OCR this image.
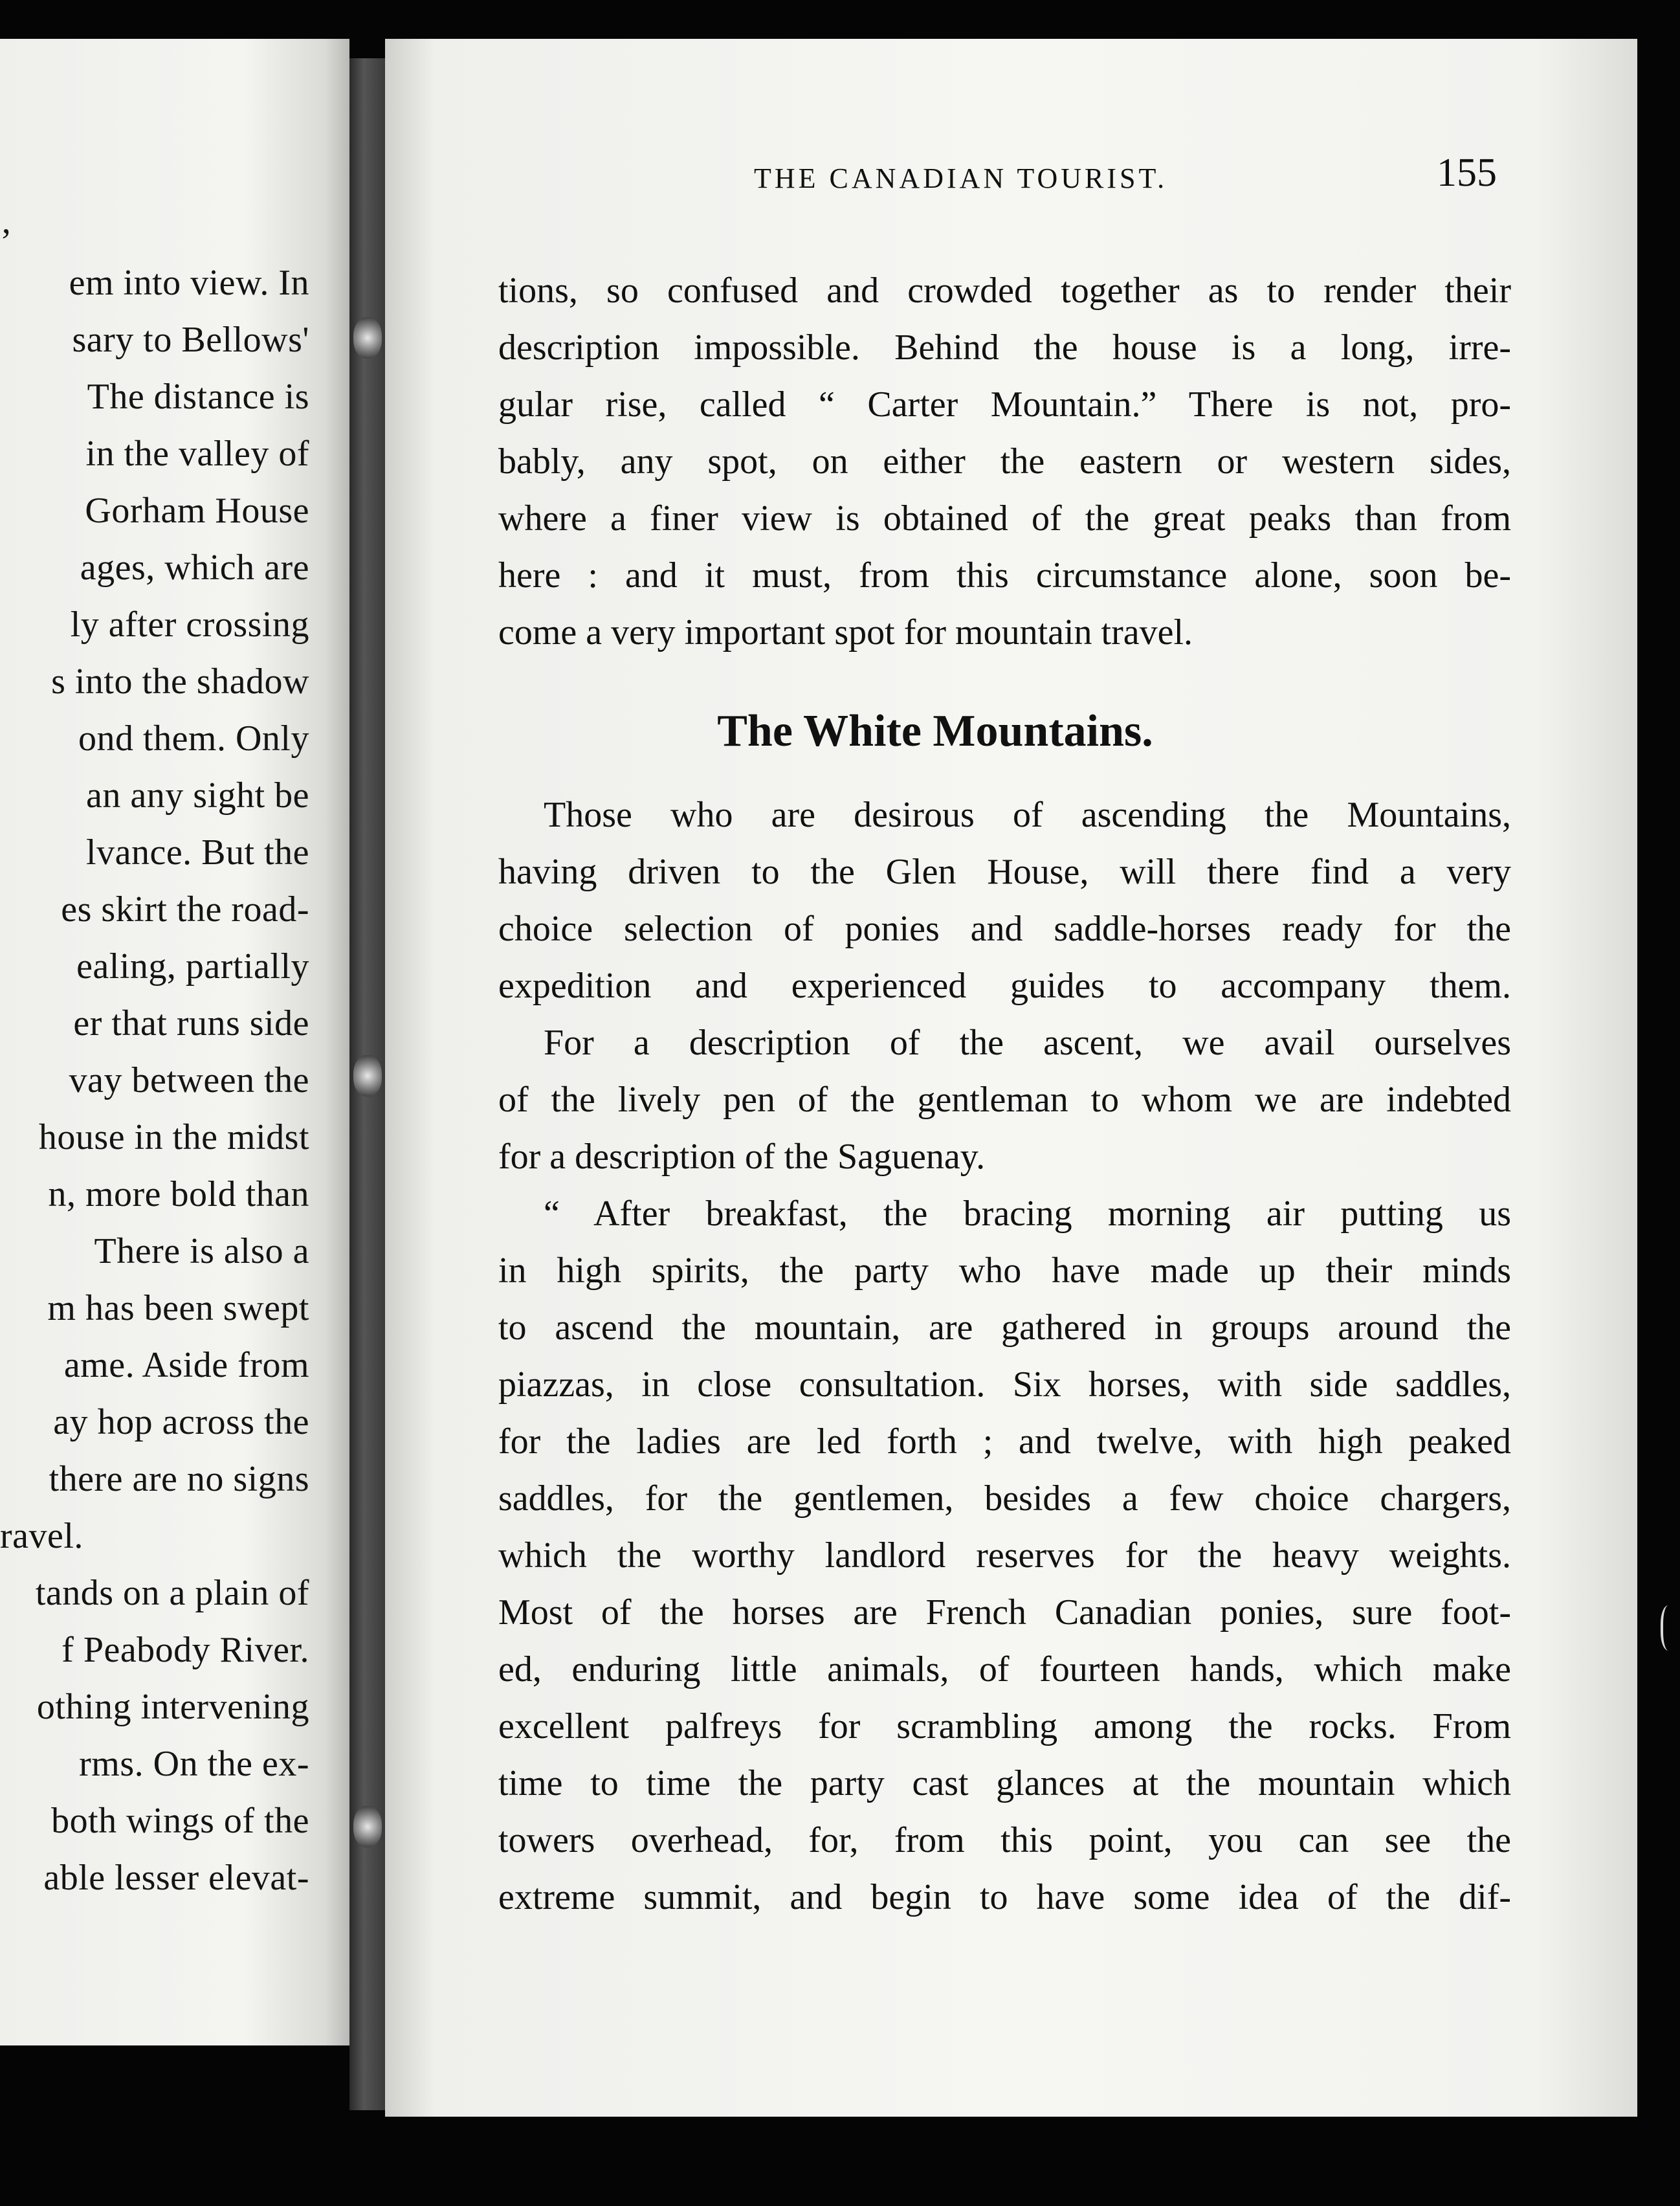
‚
em into view. In
sary to Bellows'
The distance is
in the valley of
Gorham House
ages, which are
ly after crossing
s into the shadow
ond them. Only
an any sight be
lvance. But the
es skirt the road-
ealing, partially
er that runs side
vay between the
house in the midst
n, more bold than
There is also a
m has been swept
ame. Aside from
ay hop across the
there are no signs
ravel.
tands on a plain of
f Peabody River.
othing intervening
rms. On the ex-
both wings of the
able lesser elevat-
THE CANADIAN TOURIST.	155
tions, so confused and crowded together as to render their
description impossible. Behind the house is a long, irre-
gular rise, called “ Carter Mountain.” There is not, pro-
bably, any spot, on either the eastern or western sides,
where a finer view is obtained of the great peaks than from
here : and it must, from this circumstance alone, soon be-
come a very important spot for mountain travel.
The White Mountains.
Those who are desirous of ascending the Mountains,
having driven to the Glen House, will there find a very
choice selection of ponies and saddle-horses ready for the
expedition and experienced guides to accompany them.
For a description of the ascent, we avail ourselves
of the lively pen of the gentleman to whom we are indebted
for a description of the Saguenay.
“ After breakfast, the bracing morning air putting us
in high spirits, the party who have made up their minds
to ascend the mountain, are gathered in groups around the
piazzas, in close consultation. Six horses, with side saddles,
for the ladies are led forth ; and twelve, with high peaked
saddles, for the gentlemen, besides a few choice chargers,
which the worthy landlord reserves for the heavy weights.
Most of the horses are French Canadian ponies, sure foot-
ed, enduring little animals, of fourteen hands, which make
excellent palfreys for scrambling among the rocks. From
time to time the party cast glances at the mountain which
towers overhead, for, from this point, you can see the
extreme summit, and begin to have some idea of the dif-
